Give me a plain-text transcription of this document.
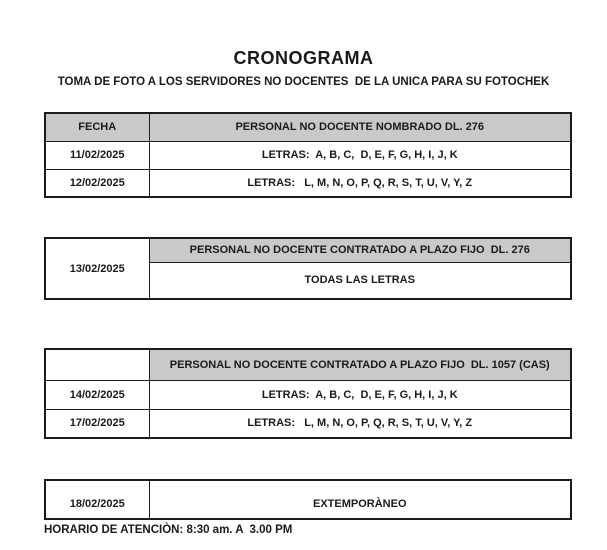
CRONOGRAMA
TOMA DE FOTO A LOS SERVIDORES NO DOCENTES  DE LA UNICA PARA SU FOTOCHEK
FECHA	PERSONAL NO DOCENTE NOMBRADO DL. 276
11/02/2025	LETRAS:  A, B, C,  D, E, F, G, H, I, J, K
12/02/2025	LETRAS:   L, M, N, O, P, Q, R, S, T, U, V, Y, Z
13/02/2025	PERSONAL NO DOCENTE CONTRATADO A PLAZO FIJO  DL. 276
TODAS LAS LETRAS
	PERSONAL NO DOCENTE CONTRATADO A PLAZO FIJO  DL. 1057 (CAS)
14/02/2025	LETRAS:  A, B, C,  D, E, F, G, H, I, J, K
17/02/2025	LETRAS:   L, M, N, O, P, Q, R, S, T, U, V, Y, Z
18/02/2025	EXTEMPORÀNEO
HORARIO DE ATENCIÒN: 8:30 am. A  3.00 PM
